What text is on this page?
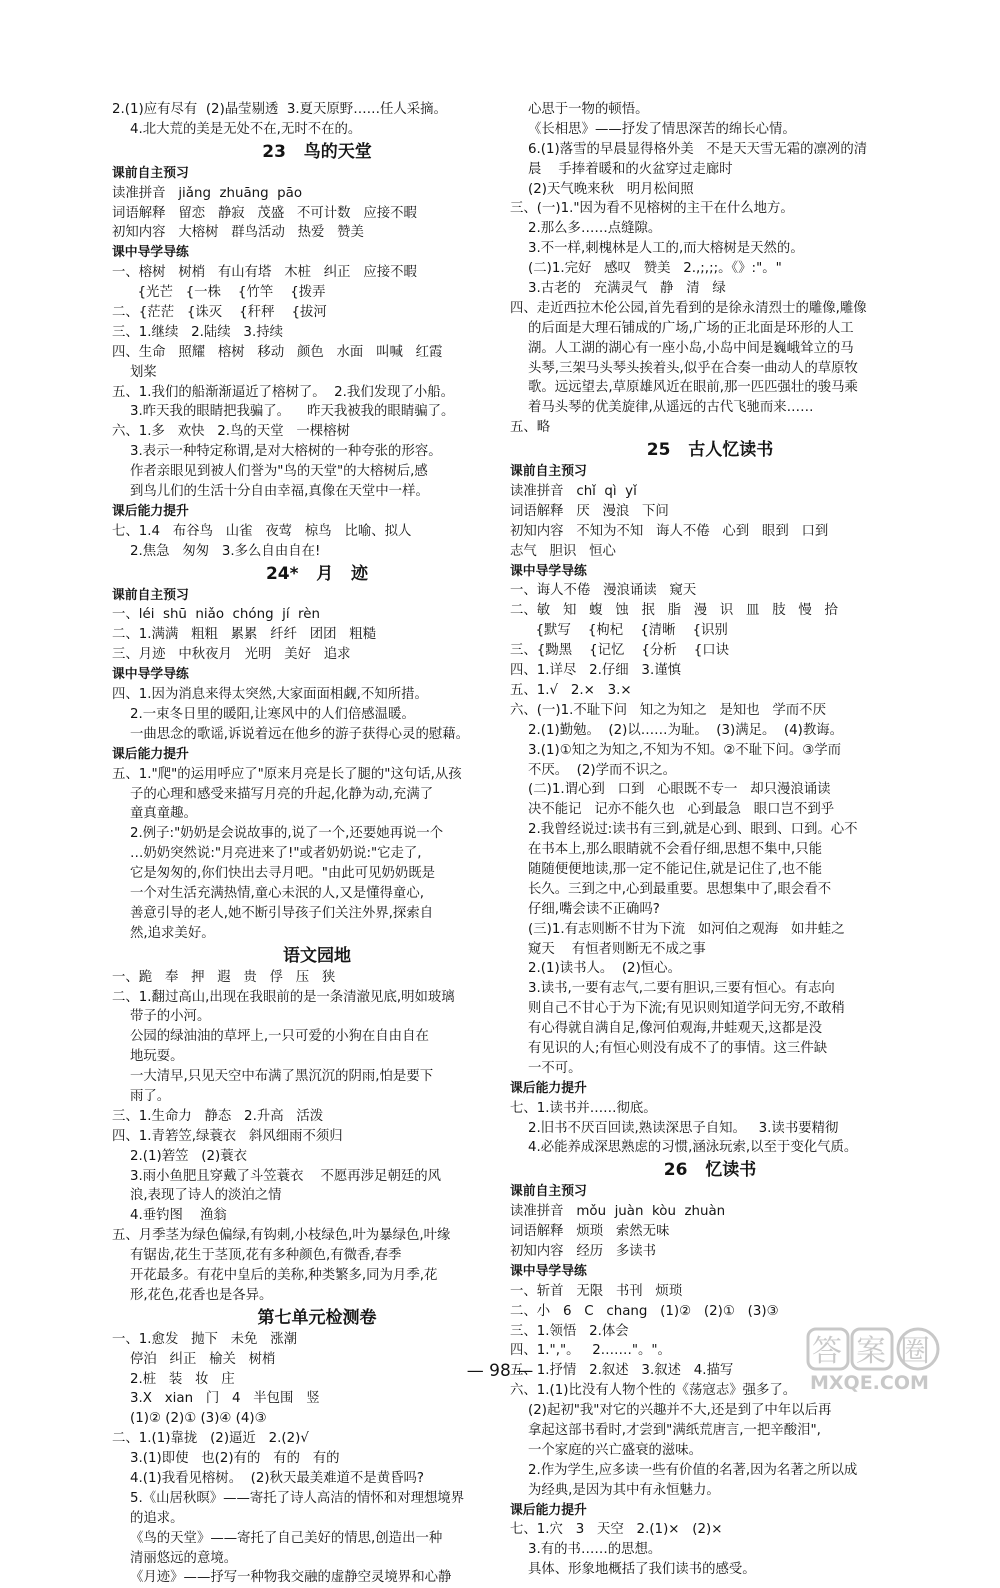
2.(1)应有尽有  (2)晶莹剔透  3.夏天原野……任人采摘。
4.北大荒的美是无处不在,无时不在的。
23   鸟的天堂
课前自主预习
读准拼音   jiǎng  zhuāng  pāo
词语解释   留恋   静寂   茂盛   不可计数   应接不暇
初知内容   大榕树   群鸟活动   热爱   赞美
课中导学导练
一、榕树   树梢   有山有塔   木桩   纠正   应接不暇
{光芒   {一株    {竹竿    {拨弄
二、{茫茫   {诛灭    {秆秤    {拔河
三、1.继续   2.陆续   3.持续
四、生命   照耀   榕树   移动   颜色   水面   叫喊   红霞
划桨
五、1.我们的船渐渐逼近了榕树了。  2.我们发现了小船。
3.昨天我的眼睛把我骗了。    昨天我被我的眼睛骗了。
六、1.多   欢快   2.鸟的天堂   一棵榕树
3.表示一种特定称谓,是对大榕树的一种夸张的形容。
作者亲眼见到被人们誉为"鸟的天堂"的大榕树后,感
到鸟儿们的生活十分自由幸福,真像在天堂中一样。
课后能力提升
七、1.4   布谷鸟   山雀   夜莺   椋鸟   比喻、拟人
2.焦急   匆匆   3.多么自由自在!
24*   月   迹
课前自主预习
一、léi  shū  niǎo  chóng  jí  rèn
二、1.满满   粗粗   累累   纤纤   团团   粗糙
三、月迹   中秋夜月   光明   美好   追求
课中导学导练
四、1.因为消息来得太突然,大家面面相觑,不知所措。
2.一束冬日里的暖阳,让寒风中的人们倍感温暖。
一曲思念的歌谣,诉说着远在他乡的游子获得心灵的慰藉。
课后能力提升
五、1."爬"的运用呼应了"原来月亮是长了腿的"这句话,从孩
子的心理和感受来描写月亮的升起,化静为动,充满了
童真童趣。
2.例子:"奶奶是会说故事的,说了一个,还要她再说一个
…奶奶突然说:"月亮进来了!"或者奶奶说:"它走了,
它是匆匆的,你们快出去寻月吧。"由此可见奶奶既是
一个对生活充满热情,童心未泯的人,又是懂得童心,
善意引导的老人,她不断引导孩子们关注外界,探索自
然,追求美好。
语文园地
一、跪   奉   押   遐   贵   俘   压   狭
二、1.翻过高山,出现在我眼前的是一条清澈见底,明如玻璃
带子的小河。
公园的绿油油的草坪上,一只可爱的小狗在自由自在
地玩耍。
一大清早,只见天空中布满了黑沉沉的阴雨,怕是要下
雨了。
三、1.生命力   静态   2.升高   活泼
四、1.青箬笠,绿蓑衣   斜风细雨不须归
2.(1)箬笠   (2)蓑衣
3.雨小鱼肥且穿戴了斗笠蓑衣    不愿再涉足朝廷的风
浪,表现了诗人的淡泊之情
4.垂钓图    渔翁
五、月季茎为绿色偏绿,有钩刺,小枝绿色,叶为暴绿色,叶缘
有锯齿,花生于茎顶,花有多种颜色,有微香,春季
开花最多。有花中皇后的美称,种类繁多,同为月季,花
形,花色,花香也是各异。
第七单元检测卷
一、1.愈发   抛下   未免   涨潮
停泊   纠正   榆关   树梢
2.桩   装   妆   庄
3.X   xian   门   4   半包围   竖
(1)② (2)① (3)④ (4)③
二、1.(1)靠拢   (2)逼近   2.(2)√
3.(1)即使   也(2)有的   有的   有的
4.(1)我看见榕树。  (2)秋天最美难道不是黄昏吗?
5.《山居秋暝》——寄托了诗人高洁的情怀和对理想境界
的追求。
《鸟的天堂》——寄托了自己美好的情思,创造出一种
清丽悠远的意境。
《月迹》——抒写一种物我交融的虚静空灵境界和心静
心思于一物的顿悟。
《长相思》——抒发了情思深苦的绵长心情。
6.(1)落雪的早晨显得格外美   不是天天雪无霜的凛冽的清
晨    手捧着暖和的火盆穿过走廊时
(2)天气晚来秋   明月松间照
三、(一)1."因为看不见榕树的主干在什么地方。
2.那么多……点缝隙。
3.不一样,刺槐林是人工的,而大榕树是天然的。
(二)1.完好   感叹   赞美   2.,;,;;。《》:"。"
3.古老的   充满灵气   静   清   绿
四、走近西拉木伦公园,首先看到的是徐永清烈士的雕像,雕像
的后面是大理石铺成的广场,广场的正北面是环形的人工
湖。人工湖的湖心有一座小岛,小岛中间是巍峨耸立的马
头琴,三架马头琴头挨着头,似乎在合奏一曲动人的草原牧
歌。远远望去,草原雄风近在眼前,那一匹匹强壮的骏马乘
着马头琴的优美旋律,从遥远的古代飞驰而来……
五、略
25   古人忆读书
课前自主预习
读准拼音   chǐ  qì  yǐ
词语解释   厌   漫浪   下问
初知内容   不知为不知   诲人不倦   心到   眼到   口到
志气   胆识   恒心
课中导学导练
一、诲人不倦   漫浪诵读   窥天
二、敏   知   蝮   蚀   抿   脂   漫   识   皿   肢   慢   拾
{默写    {枸杞    {清晰    {识别
三、{黝黑    {记忆    {分析    {口诀
四、1.详尽   2.仔细   3.谨慎
五、1.√   2.×   3.×
六、(一)1.不耻下问   知之为知之   是知也   学而不厌
2.(1)勤勉。  (2)以……为耻。  (3)满足。  (4)教诲。
3.(1)①知之为知之,不知为不知。②不耻下问。③学而
不厌。  (2)学而不识之。
(二)1.谓心到   口到   心眼既不专一   却只漫浪诵读
决不能记   记亦不能久也   心到最急   眼口岂不到乎
2.我曾经说过:读书有三到,就是心到、眼到、口到。心不
在书本上,那么眼睛就不会看仔细,思想不集中,只能
随随便便地读,那一定不能记住,就是记住了,也不能
长久。三到之中,心到最重要。思想集中了,眼会看不
仔细,嘴会读不正确吗?
(三)1.有志则断不甘为下流   如河伯之观海   如井蛙之
窥天    有恒者则断无不成之事
2.(1)读书人。  (2)恒心。
3.读书,一要有志气,二要有胆识,三要有恒心。有志向
则自己不甘心于为下流;有见识则知道学问无穷,不敢稍
有心得就自满自足,像河伯观海,井蛙观天,这都是没
有见识的人;有恒心则没有成不了的事情。这三件缺
一不可。
课后能力提升
七、1.读书并……彻底。
2.旧书不厌百回读,熟读深思子自知。   3.读书要精彻
4.必能养成深思熟虑的习惯,涵泳玩索,以至于变化气质。
26   忆读书
课前自主预习
读准拼音   mǒu  juàn  kòu  zhuàn
词语解释   烦琐   索然无味
初知内容   经历   多读书
课中导学导练
一、斩首   无限   书刊   烦琐
二、小   6   C   chang   (1)②   (2)①   (3)③
三、1.领悟   2.体会
四、1.","。   2.……"。"。
五、1.抒情   2.叙述   3.叙述   4.描写
六、1.(1)比没有人物个性的《荡寇志》强多了。
(2)起初"我"对它的兴趣并不大,还是到了中年以后再
拿起这部书看时,才尝到"满纸荒唐言,一把辛酸泪",
一个家庭的兴亡盛衰的滋味。
2.作为学生,应多读一些有价值的名著,因为名著之所以成
为经典,是因为其中有永恒魅力。
课后能力提升
七、1.穴   3   天空   2.(1)×   (2)×
3.有的书……的思想。
具体、形象地概括了我们读书的感受。
— 98 —
答案圈
MXQE.COM
